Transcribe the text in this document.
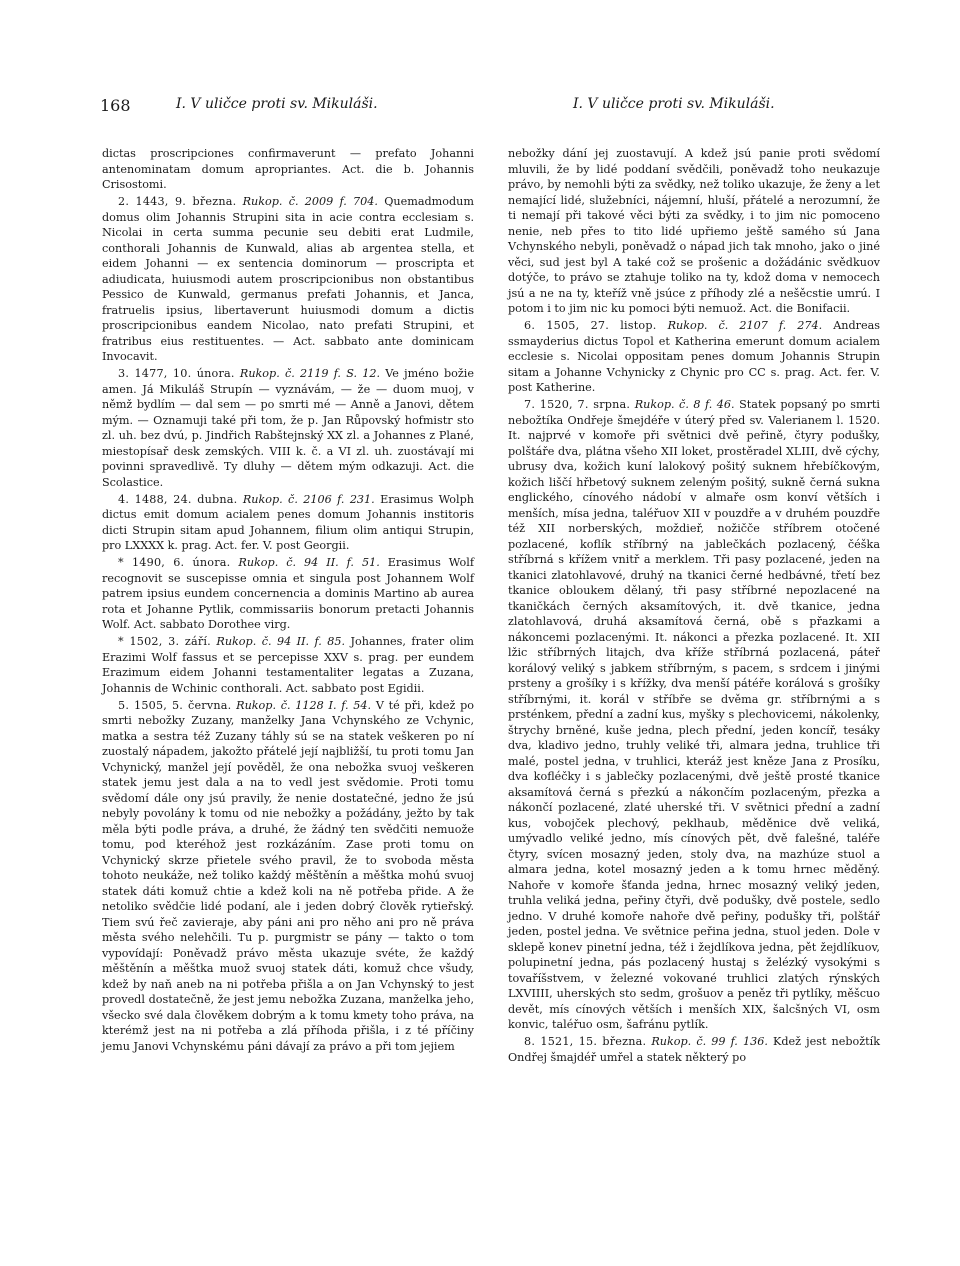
168	I. V uličce proti sv. Mikuláši.	I. V uličce proti sv. Mikuláši.

dictas proscripciones confirmaverunt — prefato Johanni antenominatam domum apropriantes. Act. die b. Johannis Crisostomi.

2. 1443, 9. března. Rukop. č. 2009 f. 704. Quemadmodum domus olim Johannis Strupini sita in acie contra ecclesiam s. Nicolai in certa summa pecunie seu debiti erat Ludmile, conthorali Johannis de Kunwald, alias ab argentea stella, et eidem Johanni — ex sentencia dominorum — proscripta et adiudicata, huiusmodi autem proscripcionibus non obstantibus Pessico de Kunwald, germanus prefati Johannis, et Janca, fratruelis ipsius, libertaverunt huiusmodi domum a dictis proscripcionibus eandem Nicolao, nato prefati Strupini, et fratribus eius restituentes. — Act. sabbato ante dominicam Invocavit.

3. 1477, 10. února. Rukop. č. 2119 f. S. 12. Ve jméno božie amen. Já Mikuláš Strupín — vyznávám, — že — duom muoj, v němž bydlím — dal sem — po smrti mé — Anně a Janovi, dětem mým. — Oznamuji také při tom, že p. Jan Růpovský hofmistr sto zl. uh. bez dvú, p. Jindřich Rabštejnský XX zl. a Johannes z Plané, miestopísař desk zemských. VIII k. č. a VI zl. uh. zuostávají mi povinni spravedlivě. Ty dluhy — dětem mým odkazuji. Act. die Scolastice.

4. 1488, 24. dubna. Rukop. č. 2106 f. 231. Erasimus Wolph dictus emit domum acialem penes domum Johannis institoris dicti Strupin sitam apud Johannem, filium olim antiqui Strupin, pro LXXXX k. prag. Act. fer. V. post Georgii.

* 1490, 6. února. Rukop. č. 94 II. f. 51. Erasimus Wolf recognovit se suscepisse omnia et singula post Johannem Wolf patrem ipsius eundem concernencia a dominis Martino ab aurea rota et Johanne Pytlik, commissariis bonorum pretacti Johannis Wolf. Act. sabbato Dorothee virg.

* 1502, 3. září. Rukop. č. 94 II. f. 85. Johannes, frater olim Erazimi Wolf fassus et se percepisse XXV s. prag. per eundem Erazimum eidem Johanni testamentaliter legatas a Zuzana, Johannis de Wchinic conthorali. Act. sabbato post Egidii.

5. 1505, 5. června. Rukop. č. 1128 I. f. 54. V té při, kdež po smrti nebožky Zuzany, manželky Jana Vchynského ze Vchynic, matka a sestra též Zuzany táhly sú se na statek veškeren po ní zuostalý nápadem, jakožto přátelé její najbližší, tu proti tomu Jan Vchynický, manžel její pověděl, že ona nebožka svuoj veškeren statek jemu jest dala a na to vedl jest svědomie. Proti tomu svědomí dále ony jsú pravily, že nenie dostatečné, jedno že jsú nebyly povolány k tomu od nie nebožky a požádány, ježto by tak měla býti podle práva, a druhé, že žádný ten svědčiti nemuože tomu, pod kteréhož jest rozkázáním. Zase proti tomu on Vchynický skrze přietele svého pravil, že to svoboda města tohoto neukáže, než toliko každý měštěnín a měštka mohú svuoj statek dáti komuž chtie a kdež koli na ně potřeba přide. A že netoliko svědčie lidé podaní, ale i jeden dobrý člověk rytieřský. Tiem svú řeč zavieraje, aby páni ani pro něho ani pro ně práva města svého nelehčili. Tu p. purgmistr se pány — takto o tom vypovídají: Poněvadž právo města ukazuje svéte, že každý měštěnín a měštka muož svuoj statek dáti, komuž chce všudy, kdež by naň aneb na ni potřeba přišla a on Jan Vchynský to jest provedl dostatečně, že jest jemu nebožka Zuzana, manželka jeho, všecko své dala člověkem dobrým a k tomu kmety toho práva, na kterémž jest na ni potřeba a zlá příhoda přišla, i z té příčiny jemu Janovi Vchynskému páni dávají za právo a při tom jejiem

nebožky dání jej zuostavují. A kdež jsú panie proti svědomí mluvili, že by lidé poddaní svědčili, poněvadž toho neukazuje právo, by nemohli býti za svědky, než toliko ukazuje, že ženy a let nemající lidé, služebníci, nájemní, hluší, přátelé a nerozumní, že ti nemají při takové věci býti za svědky, i to jim nic pomoceno nenie, neb přes to tito lidé upřiemo ještě samého sú Jana Vchynského nebyli, poněvadž o nápad jich tak mnoho, jako o jiné věci, sud jest byl A také což se prošenic a dožádánic svědkuov dotýče, to právo se ztahuje toliko na ty, kdož doma v nemocech jsú a ne na ty, kteříž vně jsúce z příhody zlé a nešěcstie umrú. I potom i to jim nic ku pomoci býti nemuož. Act. die Bonifacii.

6. 1505, 27. listop. Rukop. č. 2107 f. 274. Andreas ssmayderius dictus Topol et Katherina emerunt domum acialem ecclesie s. Nicolai oppositam penes domum Johannis Strupin sitam a Johanne Vchynicky z Chynic pro CC s. prag. Act. fer. V. post Katherine.

7. 1520, 7. srpna. Rukop. č. 8 f. 46. Statek popsaný po smrti nebožtíka Ondřeje šmejdéře v úterý před sv. Valerianem l. 1520. It. najprvé v komoře při světnici dvě peřině, čtyry podušky, polštáře dva, plátna všeho XII loket, prostěradel XLIII, dvě cýchy, ubrusy dva, kožich kuní lalokový pošitý suknem hřebíčkovým, kožich liščí hřbetový suknem zeleným pošitý, sukně černá sukna englického, cínového nádobí v almaře osm konví větších i menších, mísa jedna, taléřuov XII v pouzdře a v druhém pouzdře též XII norberských, moždieř, nožičče stříbrem otočené pozlacené, koflík stříbrný na jablečkách pozlacený, čéška stříbrná s křížem vnitř a merklem. Tři pasy pozlacené, jeden na tkanici zlatohlavové, druhý na tkanici černé hedbávné, třetí bez tkanice obloukem dělaný, tři pasy stříbrné nepozlacené na tkaničkách černých aksamítových, it. dvě tkanice, jedna zlatohlavová, druhá aksamítová černá, obě s přazkami a nákoncemi pozlacenými. It. nákonci a přezka pozlacené. It. XII lžic stříbrných litajch, dva kříže stříbrná pozlacená, páteř korálový veliký s jabkem stříbrným, s pacem, s srdcem i jinými prsteny a grošíky i s křížky, dva menší pátéře korálová s grošíky stříbrnými, it. korál v stříbře se dvěma gr. stříbrnými a s prsténkem, přední a zadní kus, myšky s plechovicemi, nákolenky, štrychy brněné, kuše jedna, plech přední, jeden koncíř, tesáky dva, kladivo jedno, truhly veliké tři, almara jedna, truhlice tři malé, postel jedna, v truhlici, kteráž jest kněze Jana z Prosíku, dva kofléčky i s jablečky pozlacenými, dvě ještě prosté tkanice aksamítová černá s přezkú a nákončím pozlaceným, přezka a nákončí pozlacené, zlaté uherské tři. V světnici přední a zadní kus, vobojček plechový, peklhaub, měděnice dvě veliká, umývadlo veliké jedno, mís cínových pět, dvě falešné, taléře čtyry, svícen mosazný jeden, stoly dva, na mazhúze stuol a almara jedna, kotel mosazný jeden a k tomu hrnec měděný. Nahoře v komoře šťanda jedna, hrnec mosazný veliký jeden, truhla veliká jedna, peřiny čtyři, dvě podušky, dvě postele, sedlo jedno. V druhé komoře nahoře dvě peřiny, podušky tři, polštář jeden, postel jedna. Ve světnice peřina jedna, stuol jeden. Dole v sklepě konev pinetní jedna, též i žejdlíkova jedna, pět žejdlíkuov, polupinetní jedna, pás pozlacený hustaj s želézký vysokými s tovaříšstvem, v železné vokované truhlici zlatých rýnských LXVIIII, uherských sto sedm, grošuov a peněz tři pytlíky, měšcuo devět, mís cínových větších i menších XIX, šalcšných VI, osm konvic, taléřuo osm, šafránu pytlík.

8. 1521, 15. března. Rukop. č. 99 f. 136. Kdež jest nebožtík Ondřej šmajdéř umřel a statek některý po
